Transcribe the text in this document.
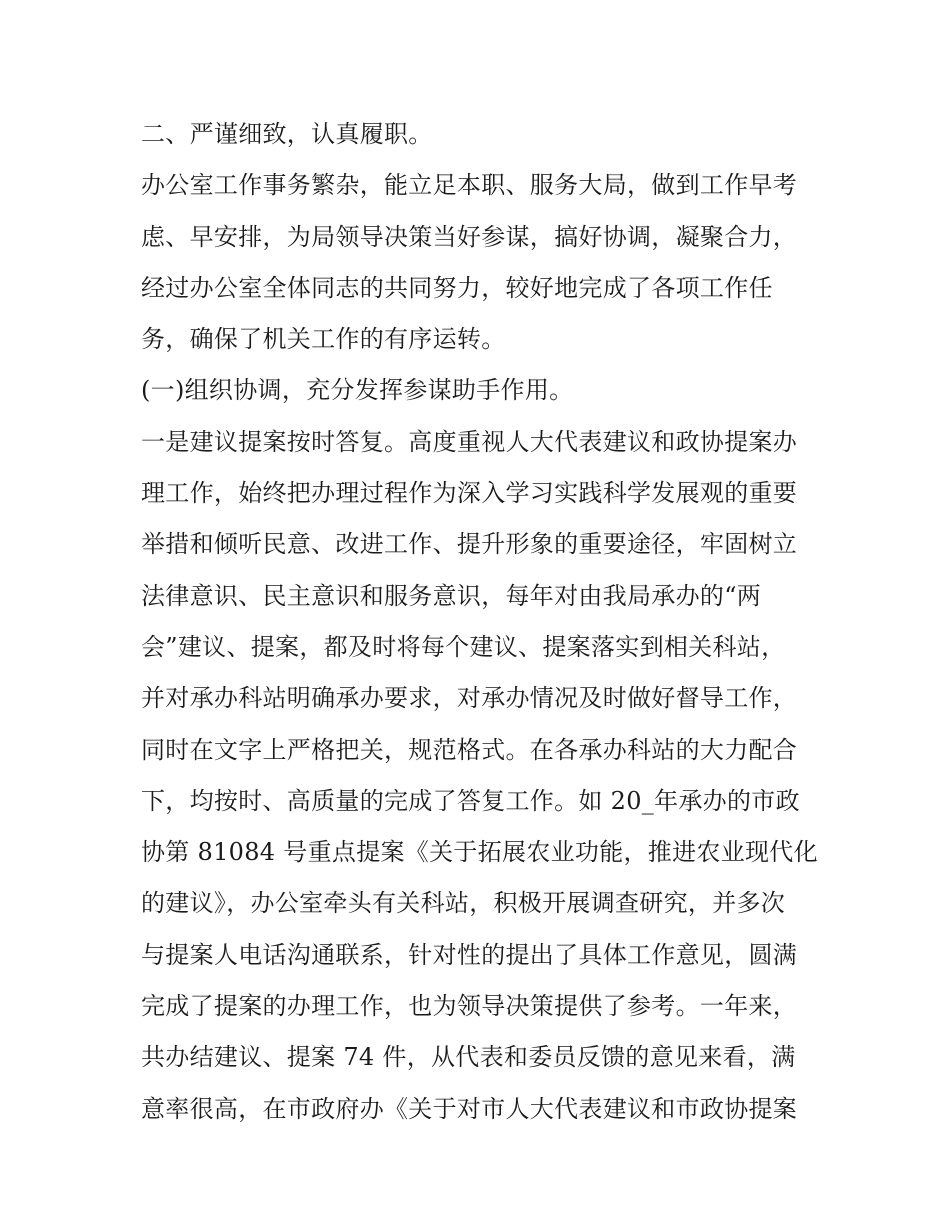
二、严谨细致，认真履职。
办公室工作事务繁杂，能立足本职、服务大局，做到工作早考
虑、早安排，为局领导决策当好参谋，搞好协调，凝聚合力，
经过办公室全体同志的共同努力，较好地完成了各项工作任
务，确保了机关工作的有序运转。
(一)组织协调，充分发挥参谋助手作用。
一是建议提案按时答复。高度重视人大代表建议和政协提案办
理工作，始终把办理过程作为深入学习实践科学发展观的重要
举措和倾听民意、改进工作、提升形象的重要途径，牢固树立
法律意识、民主意识和服务意识，每年对由我局承办的“两
会”建议、提案，都及时将每个建议、提案落实到相关科站，
并对承办科站明确承办要求，对承办情况及时做好督导工作，
同时在文字上严格把关，规范格式。在各承办科站的大力配合
下，均按时、高质量的完成了答复工作。如 20_年承办的市政
协第 81084 号重点提案《关于拓展农业功能，推进农业现代化
的建议》，办公室牵头有关科站，积极开展调查研究，并多次
与提案人电话沟通联系，针对性的提出了具体工作意见，圆满
完成了提案的办理工作，也为领导决策提供了参考。一年来，
共办结建议、提案 74 件，从代表和委员反馈的意见来看，满
意率很高，在市政府办《关于对市人大代表建议和市政协提案
